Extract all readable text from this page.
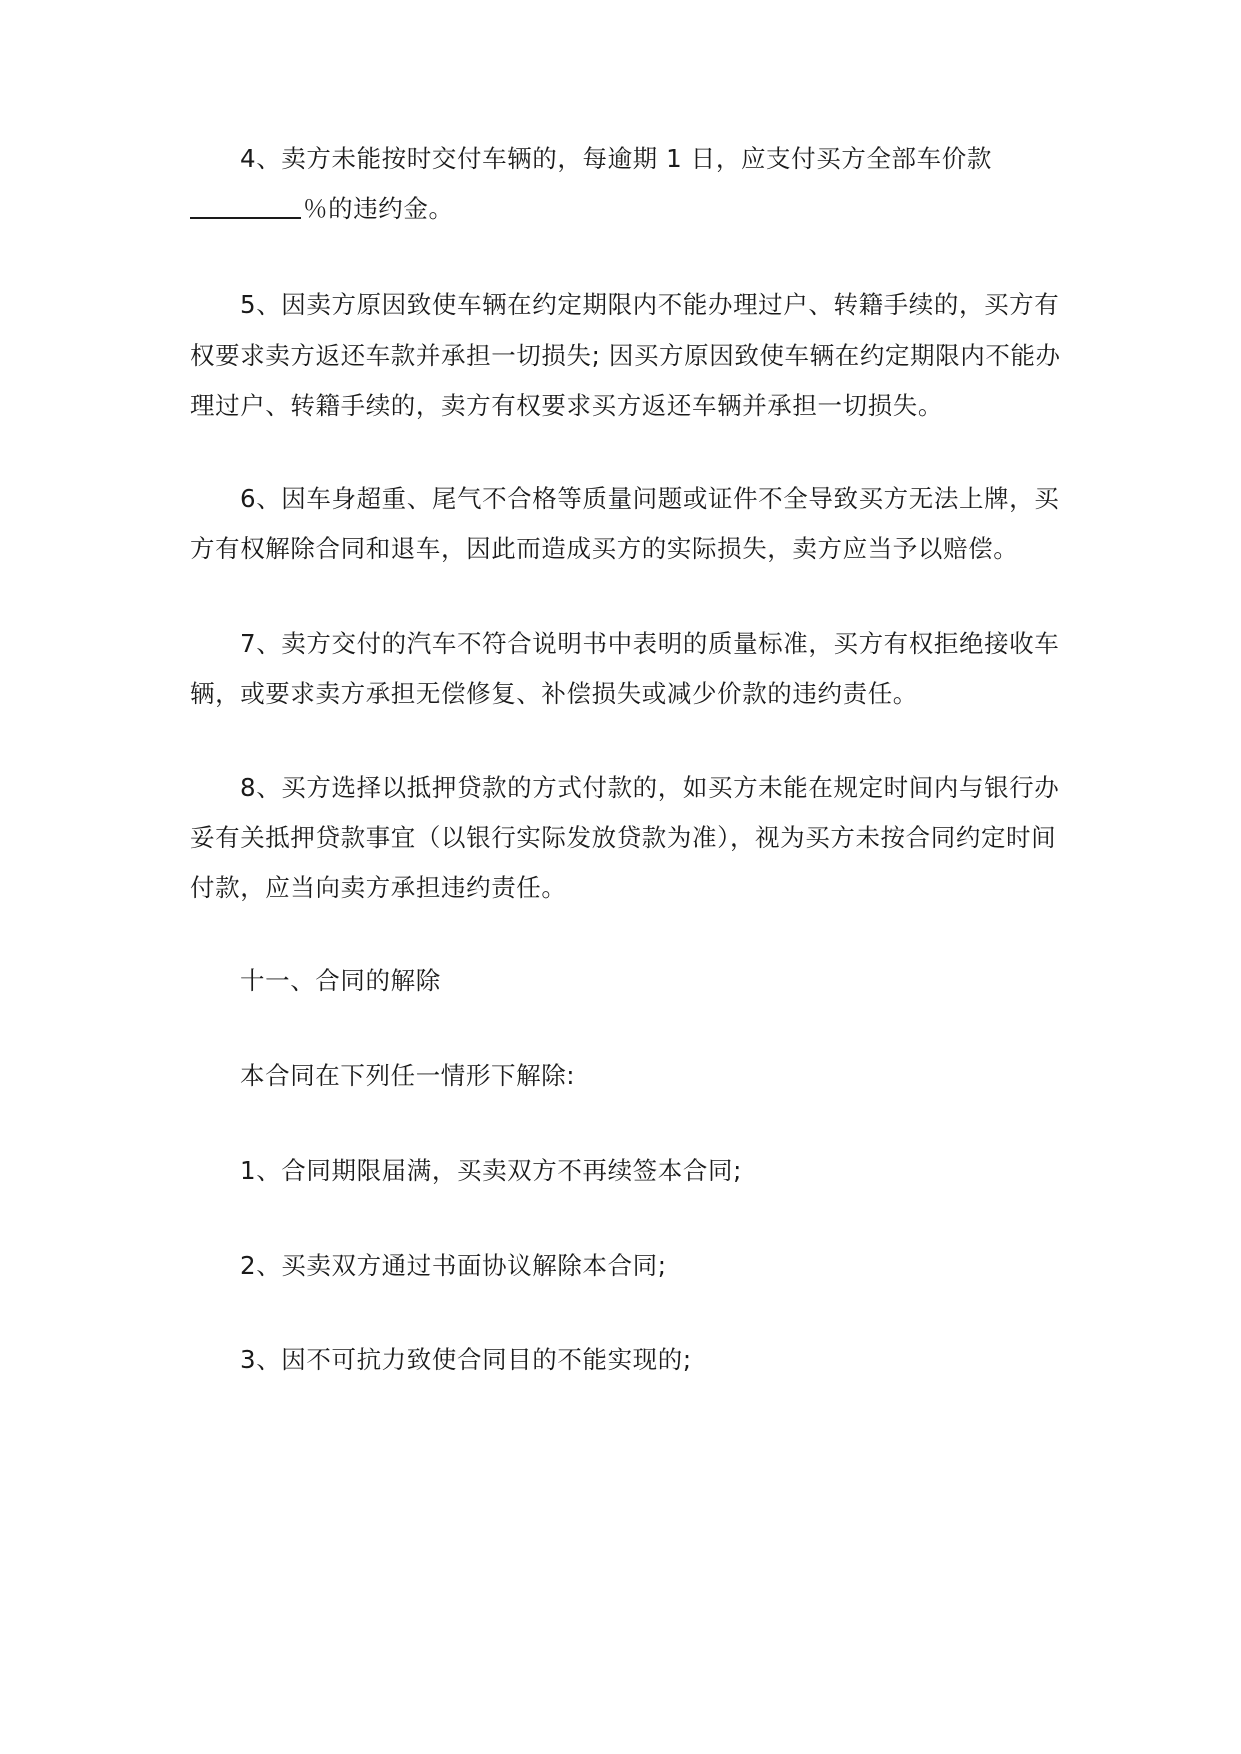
4、卖方未能按时交付车辆的，每逾期 1 日，应支付买方全部车价款
％的违约金。
5、因卖方原因致使车辆在约定期限内不能办理过户、转籍手续的，买方有
权要求卖方返还车款并承担一切损失; 因买方原因致使车辆在约定期限内不能办
理过户、转籍手续的，卖方有权要求买方返还车辆并承担一切损失。
6、因车身超重、尾气不合格等质量问题或证件不全导致买方无法上牌，买
方有权解除合同和退车，因此而造成买方的实际损失，卖方应当予以赔偿。
7、卖方交付的汽车不符合说明书中表明的质量标准，买方有权拒绝接收车
辆，或要求卖方承担无偿修复、补偿损失或减少价款的违约责任。
8、买方选择以抵押贷款的方式付款的，如买方未能在规定时间内与银行办
妥有关抵押贷款事宜（以银行实际发放贷款为准），视为买方未按合同约定时间
付款，应当向卖方承担违约责任。
十一、合同的解除
本合同在下列任一情形下解除:
1、合同期限届满，买卖双方不再续签本合同;
2、买卖双方通过书面协议解除本合同;
3、因不可抗力致使合同目的不能实现的;
